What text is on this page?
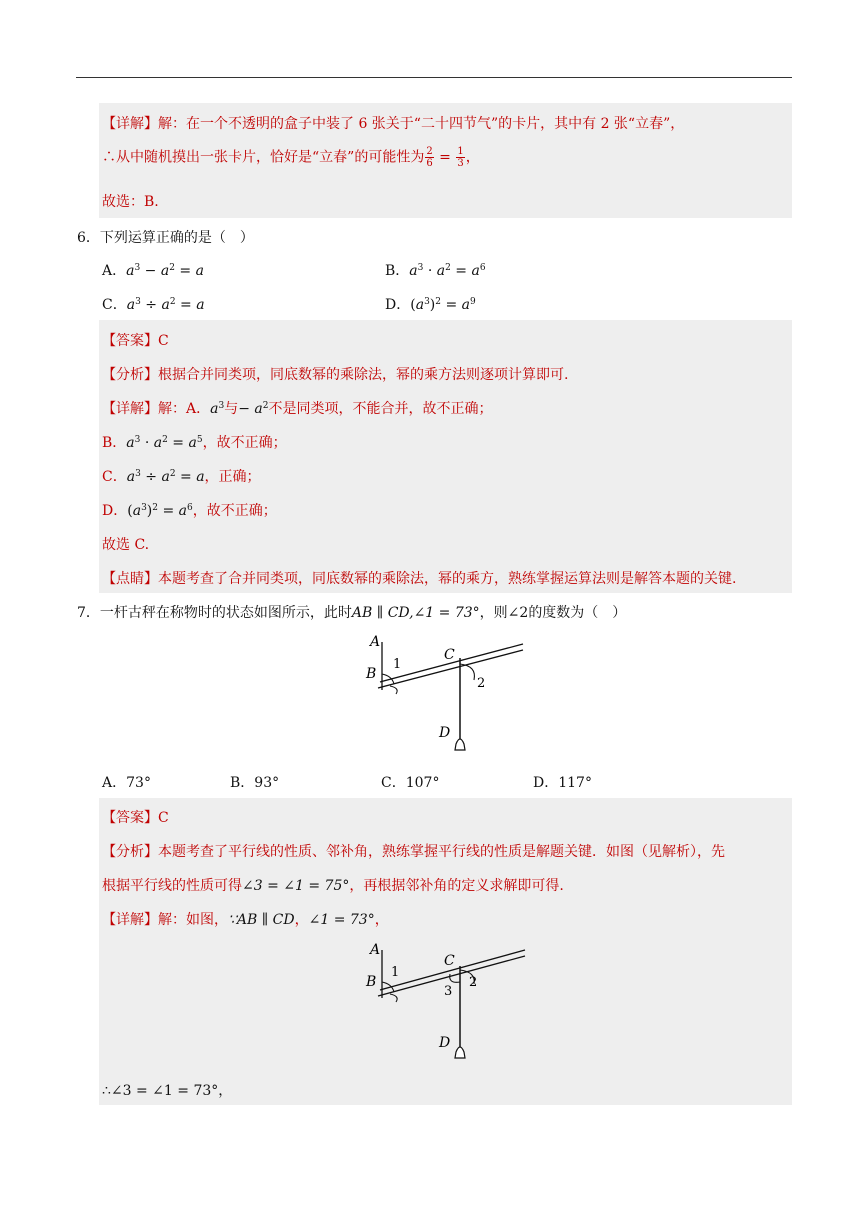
【详解】解：在一个不透明的盒子中装了 6 张关于“二十四节气”的卡片，其中有 2 张“立春”，
∴从中随机摸出一张卡片，恰好是“立春”的可能性为 $\frac{2}{6} = \frac{1}{3}$ ，
故选：B.
6．下列运算正确的是（　）
A．$a^3 - a^2 = a$	B．$a^3 \cdot a^2 = a^6$
C．$a^3 \div a^2 = a$	D．$(a^3)^2 = a^9$
【答案】C
【分析】根据合并同类项，同底数幂的乘除法，幂的乘方法则逐项计算即可.
【详解】解：A．$a^3$与− $a^2$不是同类项，不能合并，故不正确；
B．$a^3 \cdot a^2 = a^5$，故不正确；
C．$a^3 \div a^2 = a$，正确；
D．$(a^3)^2 = a^6$，故不正确；
故选 C.
【点睛】本题考查了合并同类项，同底数幂的乘除法，幂的乘方，熟练掌握运算法则是解答本题的关键.
7．一杆古秤在称物时的状态如图所示，此时AB ∥ CD,∠1 = 73°，则∠2的度数为（　）
A
B
1
C
2
D
A．73°	B．93°	C．107°	D．117°
【答案】C
【分析】本题考查了平行线的性质、邻补角，熟练掌握平行线的性质是解题关键．如图（见解析），先
根据平行线的性质可得∠3 = ∠1 = 75°，再根据邻补角的定义求解即可得.
【详解】解：如图，∵AB ∥ CD，∠1 = 73°，
A
B
1
C
2
3
D
∴∠3 = ∠1 = 73°，
